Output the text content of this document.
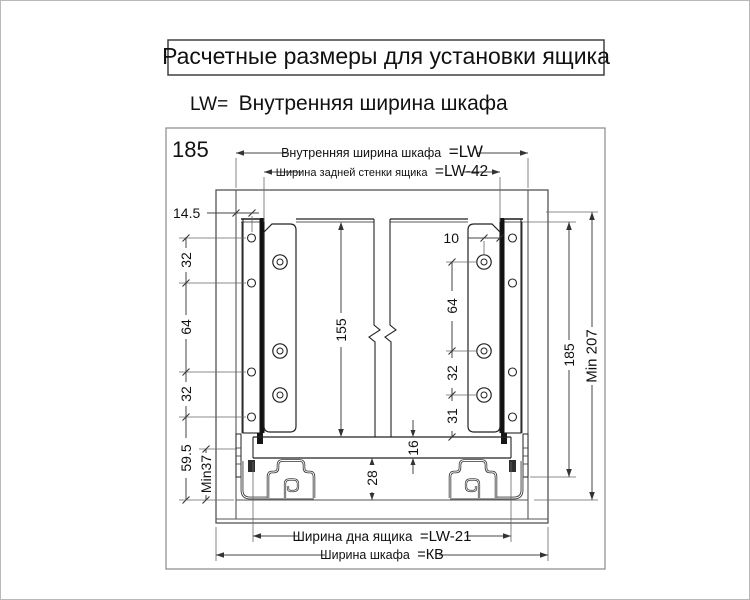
Расчетные размеры для установки ящика
LW= Внутренняя ширина шкафа
185	Внутренняя ширина шкафа =LW
Ширина задней стенки ящика =LW-42
14.5
32
64
32
59.5 Min37
155
10
64
32
31
16
28
185 Min 207
Ширина дна ящика =LW-21
Ширина шкафа =КВ
